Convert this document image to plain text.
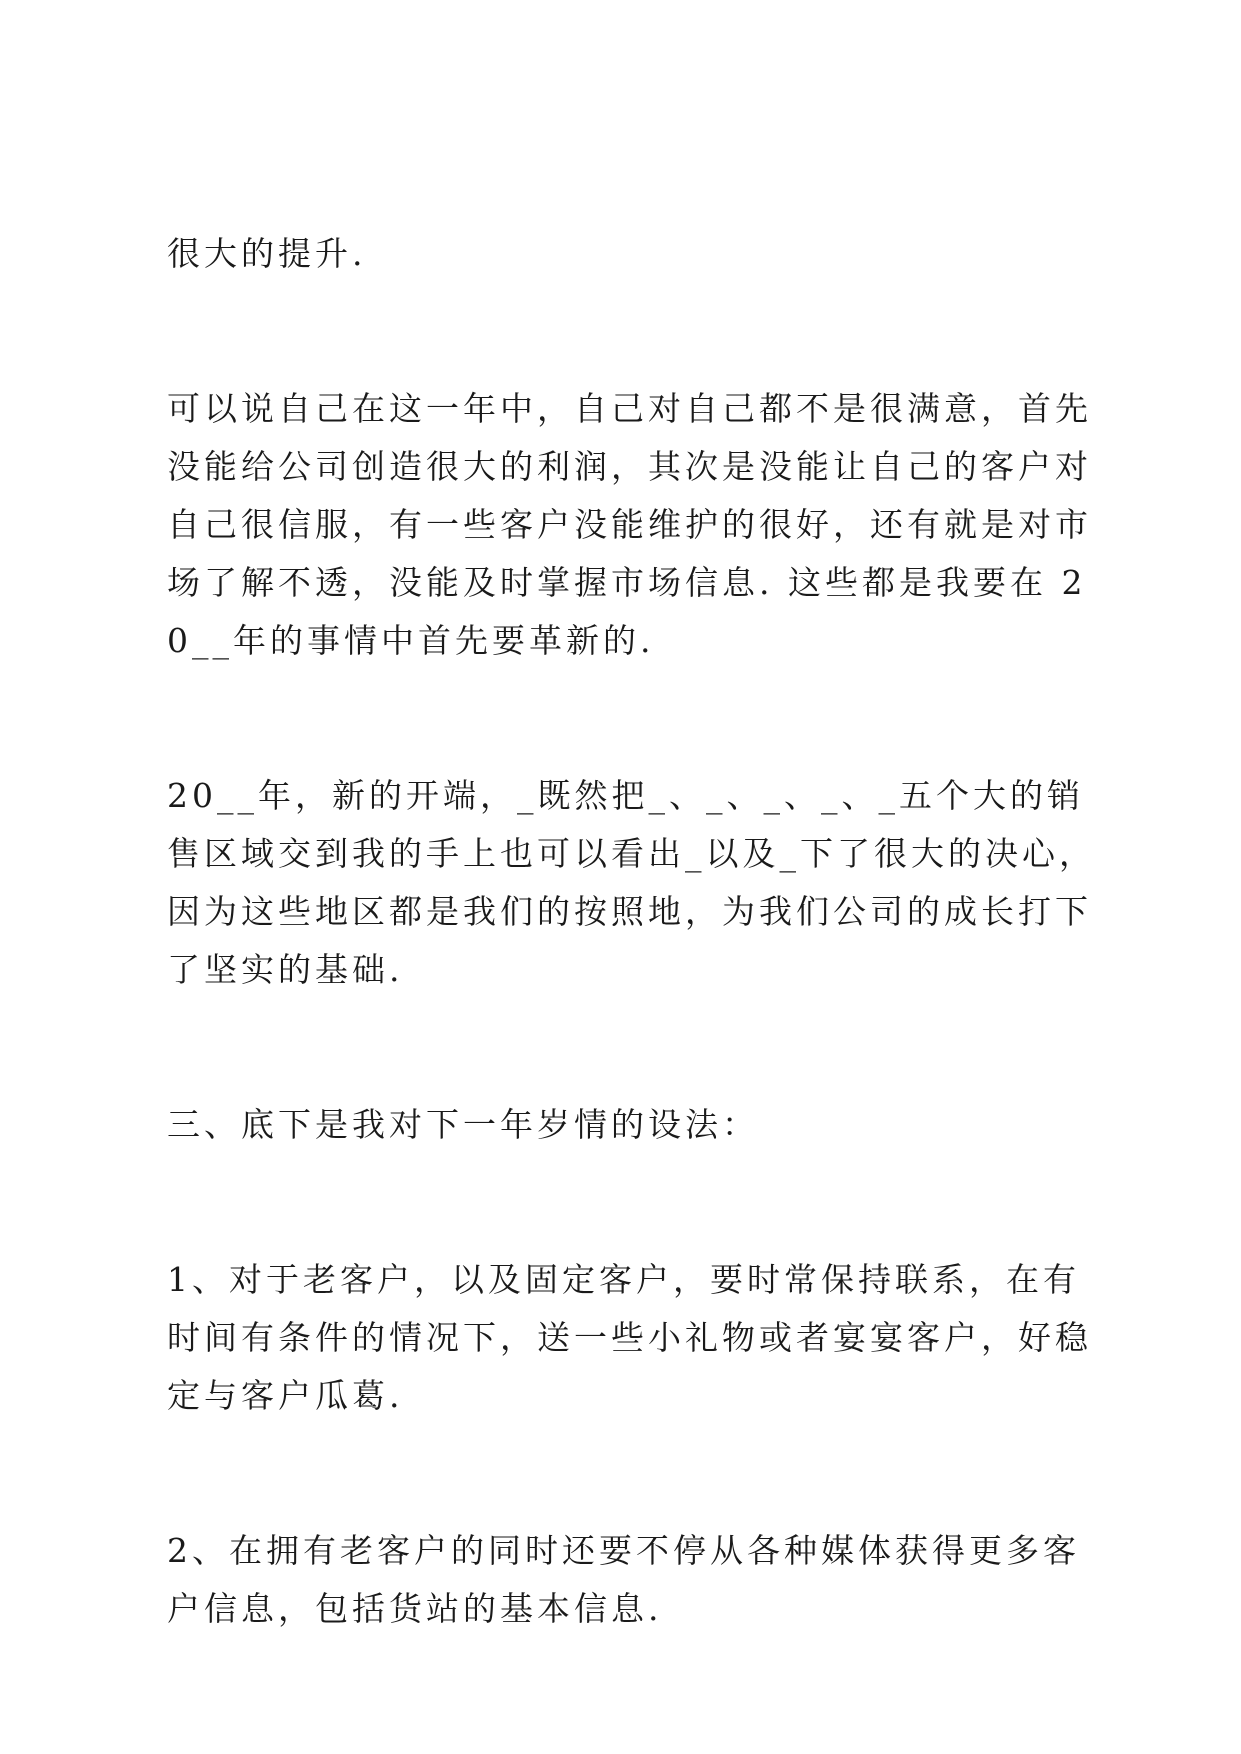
很大的提升.

可以说自己在这一年中，自己对自己都不是很满意，首先没能给公司创造很大的利润，其次是没能让自己的客户对自己很信服，有一些客户没能维护的很好，还有就是对市场了解不透，没能及时掌握市场信息. 这些都是我要在 20__年的事情中首先要革新的.

20__年，新的开端，_既然把_、_、_、_、_五个大的销售区域交到我的手上也可以看出_以及_下了很大的决心，因为这些地区都是我们的按照地，为我们公司的成长打下了坚实的基础.

三、底下是我对下一年岁情的设法：

1、对于老客户，以及固定客户，要时常保持联系，在有时间有条件的情况下，送一些小礼物或者宴宴客户，好稳定与客户瓜葛.

2、在拥有老客户的同时还要不停从各种媒体获得更多客户信息，包括货站的基本信息.
